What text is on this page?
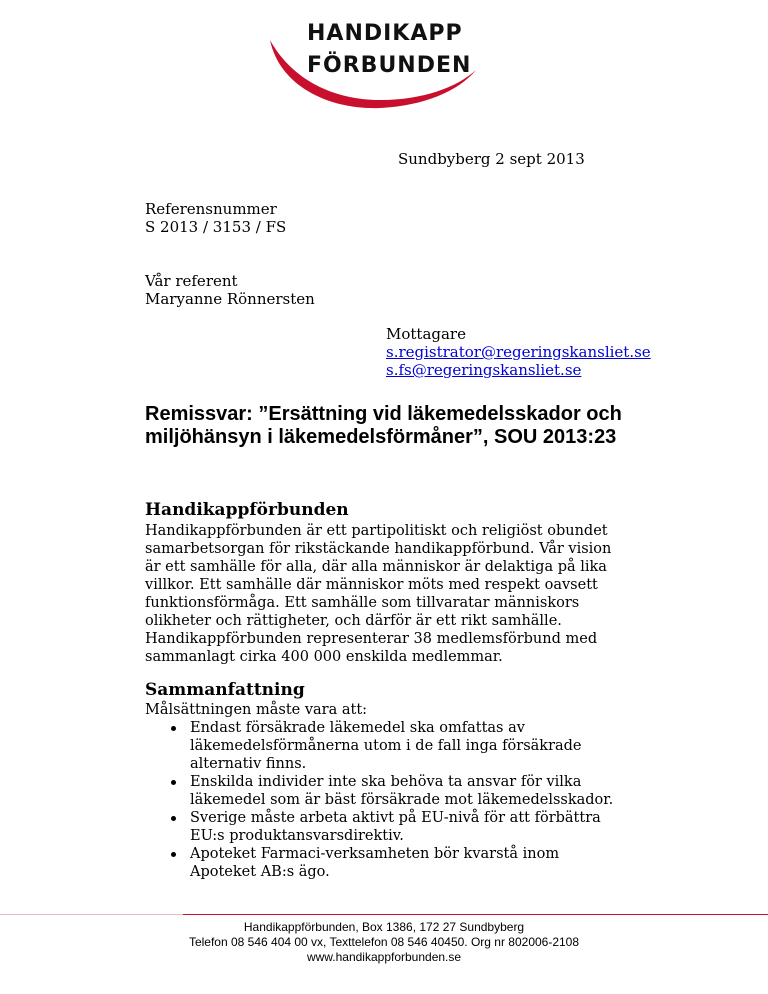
HANDIKAPP
FÖRBUNDEN
Sundbyberg 2 sept 2013
Referensnummer
S 2013 / 3153 / FS
Vår referent
Maryanne Rönnersten
Mottagare
s.registrator@regeringskansliet.se
s.fs@regeringskansliet.se
Remissvar: ”Ersättning vid läkemedelsskador och miljöhänsyn i läkemedelsförmåner”, SOU 2013:23
Handikappförbunden

Handikappförbunden är ett partipolitiskt och religiöst obundet samarbetsorgan för rikstäckande handikappförbund. Vår vision är ett samhälle för alla, där alla människor är delaktiga på lika villkor. Ett samhälle där människor möts med respekt oavsett funktionsförmåga. Ett samhälle som tillvaratar människors olikheter och rättigheter, och därför är ett rikt samhälle. Handikappförbunden representerar 38 medlemsförbund med sammanlagt cirka 400 000 enskilda medlemmar.

Sammanfattning

Målsättningen måste vara att:

Endast försäkrade läkemedel ska omfattas av läkemedelsförmånerna utom i de fall inga försäkrade alternativ finns.
Enskilda individer inte ska behöva ta ansvar för vilka läkemedel som är bäst försäkrade mot läkemedelsskador.
Sverige måste arbeta aktivt på EU-nivå för att förbättra EU:s produktansvarsdirektiv.
Apoteket Farmaci-verksamheten bör kvarstå inom Apoteket AB:s ägo.
Handikappförbunden, Box 1386, 172 27 Sundbyberg
Telefon 08 546 404 00 vx, Texttelefon 08 546 40450. Org nr 802006-2108
www.handikappforbunden.se
